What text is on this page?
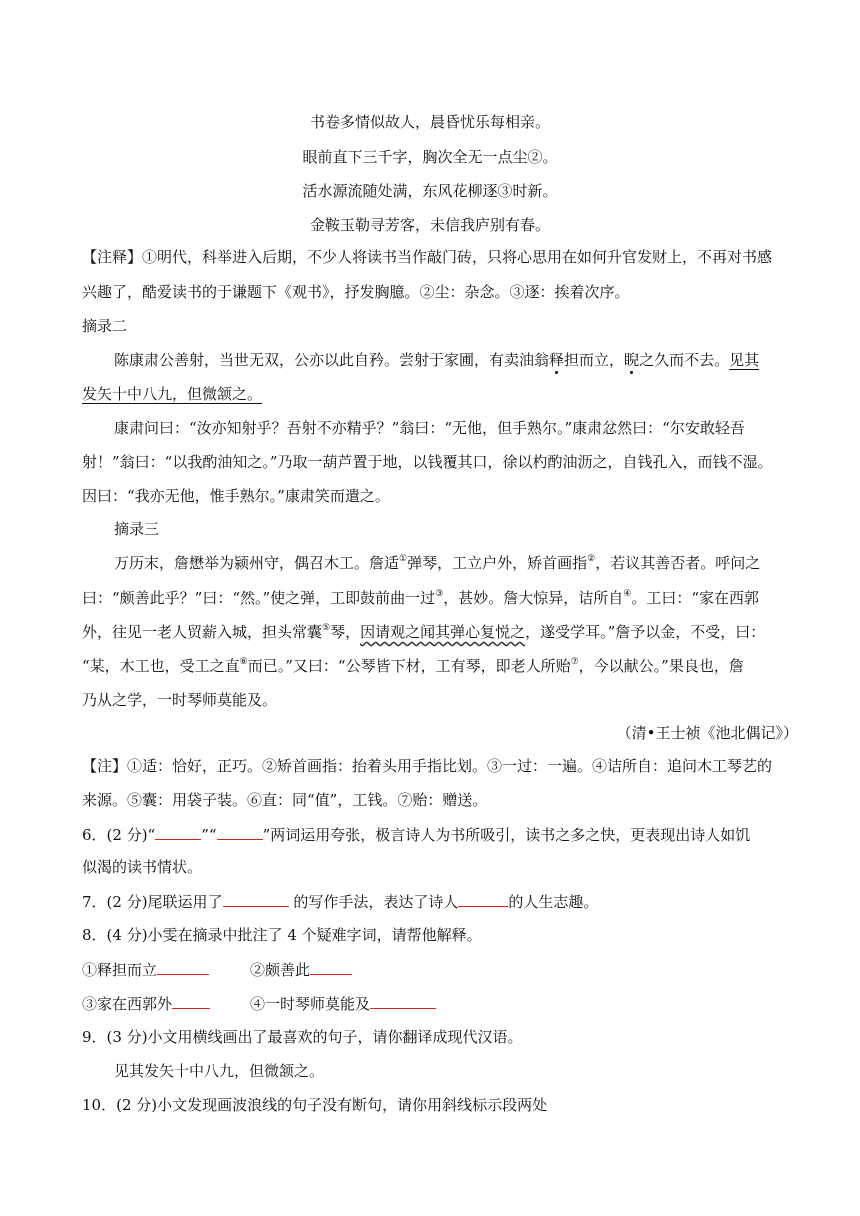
书卷多情似故人，晨昏忧乐每相亲。
眼前直下三千字，胸次全无一点尘②。
活水源流随处满，东风花柳逐③时新。
金鞍玉勒寻芳客，未信我庐别有春。
【注释】①明代，科举进入后期，不少人将读书当作敲门砖，只将心思用在如何升官发财上，不再对书感
兴趣了，酷爱读书的于谦题下《观书》，抒发胸臆。②尘：杂念。③逐：挨着次序。
摘录二
陈康肃公善射，当世无双，公亦以此自矜。尝射于家圃，有卖油翁释担而立，睨之久而不去。见其
发矢十中八九，但微颔之。
康肃问曰：“汝亦知射乎？吾射不亦精乎？”翁曰：“无他，但手熟尔。”康肃忿然曰：“尔安敢轻吾
射！”翁曰：“以我酌油知之。”乃取一葫芦置于地，以钱覆其口，徐以杓酌油沥之，自钱孔入，而钱不湿。
因曰：“我亦无他，惟手熟尔。”康肃笑而遣之。
摘录三
万历末，詹懋举为颍州守，偶召木工。詹适①弹琴，工立户外，矫首画指②，若议其善否者。呼问之
曰：“颇善此乎？”曰：“然。”使之弹，工即鼓前曲一过③，甚妙。詹大惊异，诘所自④。工曰：“家在西郭
外，往见一老人贸薪入城，担头常囊⑤琴，因请观之闻其弹心复悦之，遂受学耳。”詹予以金，不受，曰：
“某，木工也，受工之直⑥而已。”又曰：“公琴皆下材，工有琴，即老人所贻⑦，今以献公。”果良也，詹
乃从之学，一时琴师莫能及。
（清•王士祯《池北偶记》）
【注】①适：恰好，正巧。②矫首画指：抬着头用手指比划。③一过：一遍。④诘所自：追问木工琴艺的
来源。⑤囊：用袋子装。⑥直：同“值”，工钱。⑦贻：赠送。
6．(2 分)“	”“	”两词运用夸张，极言诗人为书所吸引，读书之多之快，更表现出诗人如饥
似渴的读书情状。
7．(2 分)尾联运用了	的写作手法，表达了诗人	的人生志趣。
8．(4 分)小雯在摘录中批注了 4 个疑难字词，请帮他解释。
①释担而立	②颇善此
③家在西郭外	④一时琴师莫能及
9．(3 分)小文用横线画出了最喜欢的句子，请你翻译成现代汉语。
见其发矢十中八九，但微颔之。
10．(2 分)小文发现画波浪线的句子没有断句，请你用斜线标示段两处
